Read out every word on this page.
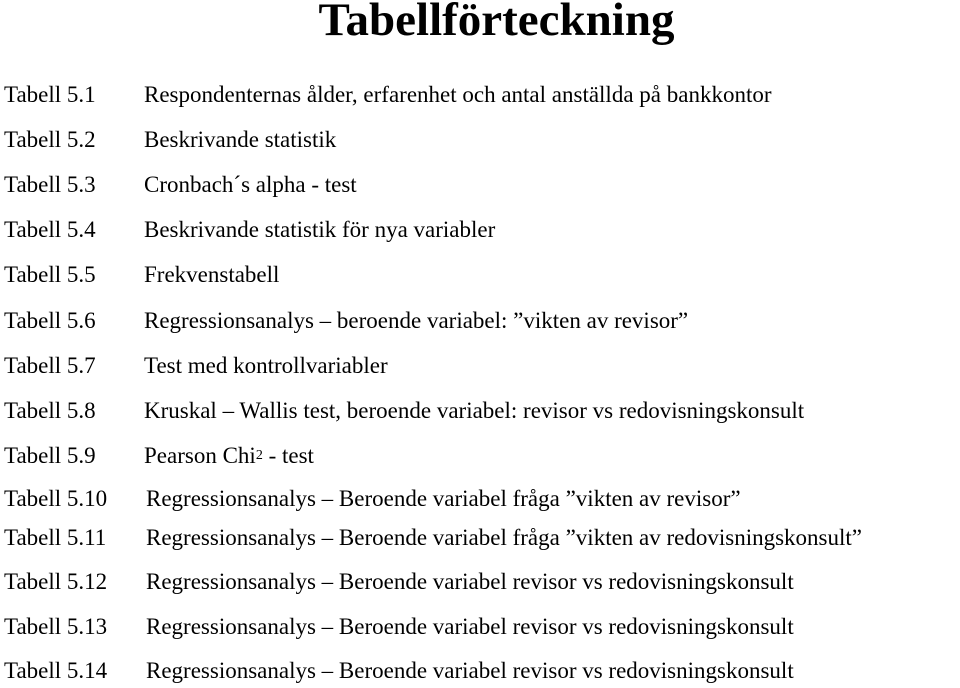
Tabellförteckning
Tabell 5.1 Respondenternas ålder, erfarenhet och antal anställda på bankkontor
Tabell 5.2 Beskrivande statistik
Tabell 5.3 Cronbach´s alpha - test
Tabell 5.4 Beskrivande statistik för nya variabler
Tabell 5.5 Frekvenstabell
Tabell 5.6 Regressionsanalys – beroende variabel: ”vikten av revisor”
Tabell 5.7 Test med kontrollvariabler
Tabell 5.8 Kruskal – Wallis test, beroende variabel: revisor vs redovisningskonsult
Tabell 5.9 Pearson Chi$^2$ - test
Tabell 5.10 Regressionsanalys – Beroende variabel fråga ”vikten av revisor”
Tabell 5.11 Regressionsanalys – Beroende variabel fråga ”vikten av redovisningskonsult”
Tabell 5.12 Regressionsanalys – Beroende variabel revisor vs redovisningskonsult
Tabell 5.13 Regressionsanalys – Beroende variabel revisor vs redovisningskonsult
Tabell 5.14 Regressionsanalys – Beroende variabel revisor vs redovisningskonsult
